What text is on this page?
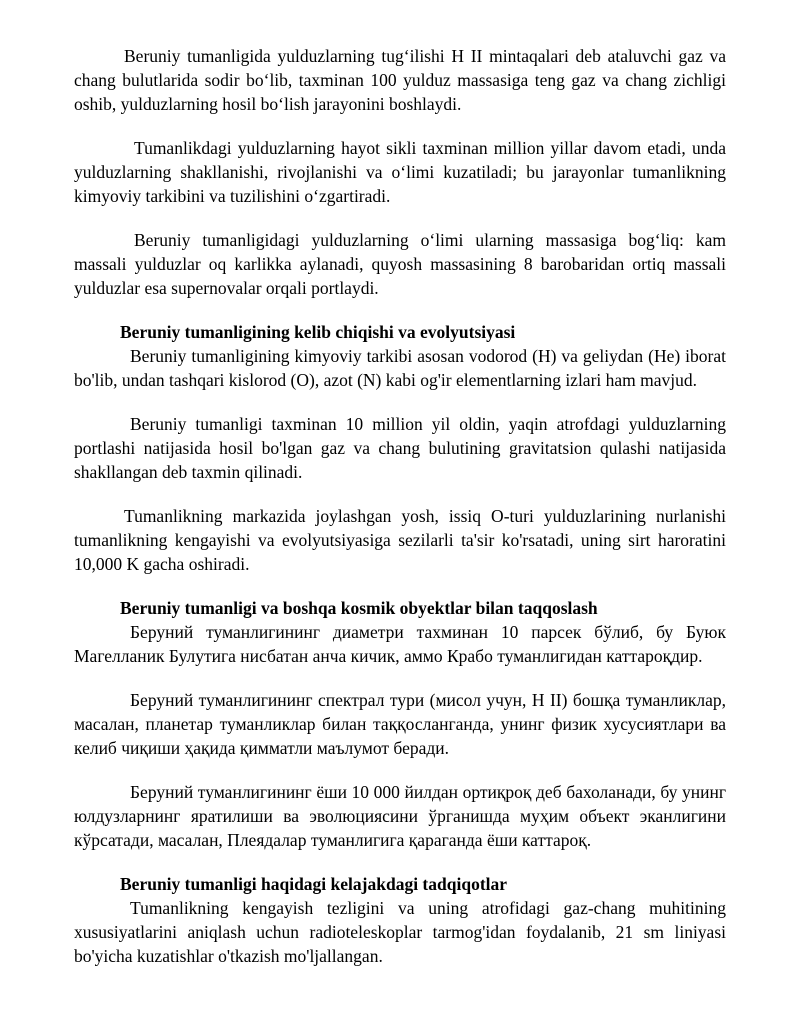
Beruniy tumanligida yulduzlarning tug‘ilishi H II mintaqalari deb ataluvchi gaz va chang bulutlarida sodir bo‘lib, taxminan 100 yulduz massasiga teng gaz va chang zichligi oshib, yulduzlarning hosil bo‘lish jarayonini boshlaydi.

Tumanlikdagi yulduzlarning hayot sikli taxminan million yillar davom etadi, unda yulduzlarning shakllanishi, rivojlanishi va o‘limi kuzatiladi; bu jarayonlar tumanlikning kimyoviy tarkibini va tuzilishini o‘zgartiradi.

Beruniy tumanligidagi yulduzlarning o‘limi ularning massasiga bog‘liq: kam massali yulduzlar oq karlikka aylanadi, quyosh massasining 8 barobaridan ortiq massali yulduzlar esa supernovalar orqali portlaydi.

Beruniy tumanligining kelib chiqishi va evolyutsiyasi

Beruniy tumanligining kimyoviy tarkibi asosan vodorod (H) va geliydan (He) iborat bo'lib, undan tashqari kislorod (O), azot (N) kabi og'ir elementlarning izlari ham mavjud.

Beruniy tumanligi taxminan 10 million yil oldin, yaqin atrofdagi yulduzlarning portlashi natijasida hosil bo'lgan gaz va chang bulutining gravitatsion qulashi natijasida shakllangan deb taxmin qilinadi.

Tumanlikning markazida joylashgan yosh, issiq O-turi yulduzlarining nurlanishi tumanlikning kengayishi va evolyutsiyasiga sezilarli ta'sir ko'rsatadi, uning sirt haroratini 10,000 K gacha oshiradi.

Beruniy tumanligi va boshqa kosmik obyektlar bilan taqqoslash

Беруний туманлигининг диаметри тахминан 10 парсек бўлиб, бу Буюк Магелланик Булутига нисбатан анча кичик, аммо Крабо туманлигидан каттароқдир.

Беруний туманлигининг спектрал тури (мисол учун, H II) бошқа туманликлар, масалан, планетар туманликлар билан таққосланганда, унинг физик хусусиятлари ва келиб чиқиши ҳақида қимматли маълумот беради.

Беруний туманлигининг ёши 10 000 йилдан ортиқроқ деб бахоланади, бу унинг юлдузларнинг яратилиши ва эволюциясини ўрганишда муҳим объект эканлигини кўрсатади, масалан, Плеядалар туманлигига қараганда ёши каттароқ.

Beruniy tumanligi haqidagi kelajakdagi tadqiqotlar

Tumanlikning kengayish tezligini va uning atrofidagi gaz-chang muhitining xususiyatlarini aniqlash uchun radioteleskoplar tarmog'idan foydalanib, 21 sm liniyasi bo'yicha kuzatishlar o'tkazish mo'ljallangan.
